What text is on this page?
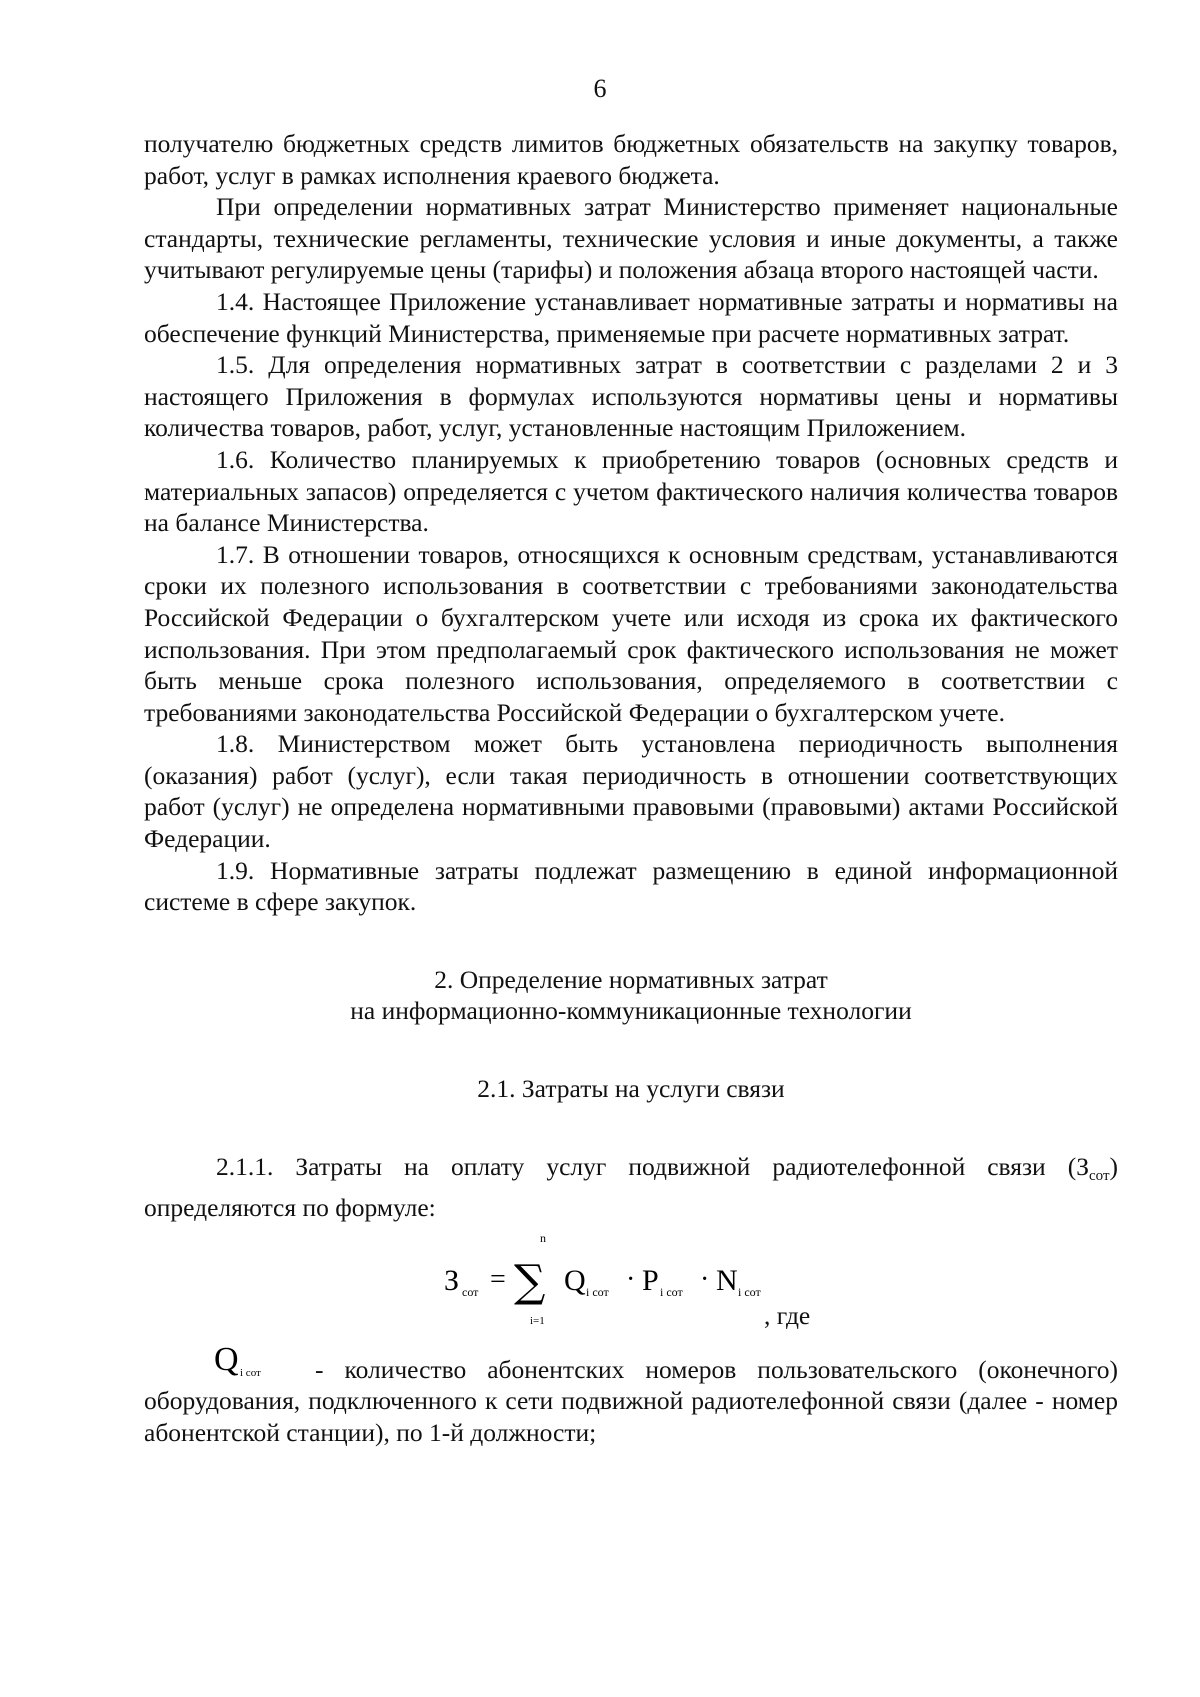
6

получателю бюджетных средств лимитов бюджетных обязательств на закупку товаров, работ, услуг в рамках исполнения краевого бюджета.

При определении нормативных затрат Министерство применяет национальные стандарты, технические регламенты, технические условия и иные документы, а также учитывают регулируемые цены (тарифы) и положения абзаца второго настоящей части.

1.4. Настоящее Приложение устанавливает нормативные затраты и нормативы на обеспечение функций Министерства, применяемые при расчете нормативных затрат.

1.5. Для определения нормативных затрат в соответствии с разделами 2 и 3 настоящего Приложения в формулах используются нормативы цены и нормативы количества товаров, работ, услуг, установленные настоящим Приложением.

1.6. Количество планируемых к приобретению товаров (основных средств и материальных запасов) определяется с учетом фактического наличия количества товаров на балансе Министерства.

1.7. В отношении товаров, относящихся к основным средствам, устанавливаются сроки их полезного использования в соответствии с требованиями законодательства Российской Федерации о бухгалтерском учете или исходя из срока их фактического использования. При этом предполагаемый срок фактического использования не может быть меньше срока полезного использования, определяемого в соответствии с требованиями законодательства Российской Федерации о бухгалтерском учете.

1.8. Министерством может быть установлена периодичность выполнения (оказания) работ (услуг), если такая периодичность в отношении соответствующих работ (услуг) не определена нормативными правовыми (правовыми) актами Российской Федерации.

1.9. Нормативные затраты подлежат размещению в единой информационной системе в сфере закупок.

2. Определение нормативных затрат

на информационно-коммуникационные технологии

2.1. Затраты на услуги связи

2.1.1. Затраты на оплату услуг подвижной радиотелефонной связи $(З_{сот})$ определяются по формуле:

З сот =
n
∑
i=1
Q i сот · P i сот · N i сот
, где

Q i сот - количество абонентских номеров пользовательского (оконечного) оборудования, подключенного к сети подвижной радиотелефонной связи (далее - номер абонентской станции), по 1-й должности;
